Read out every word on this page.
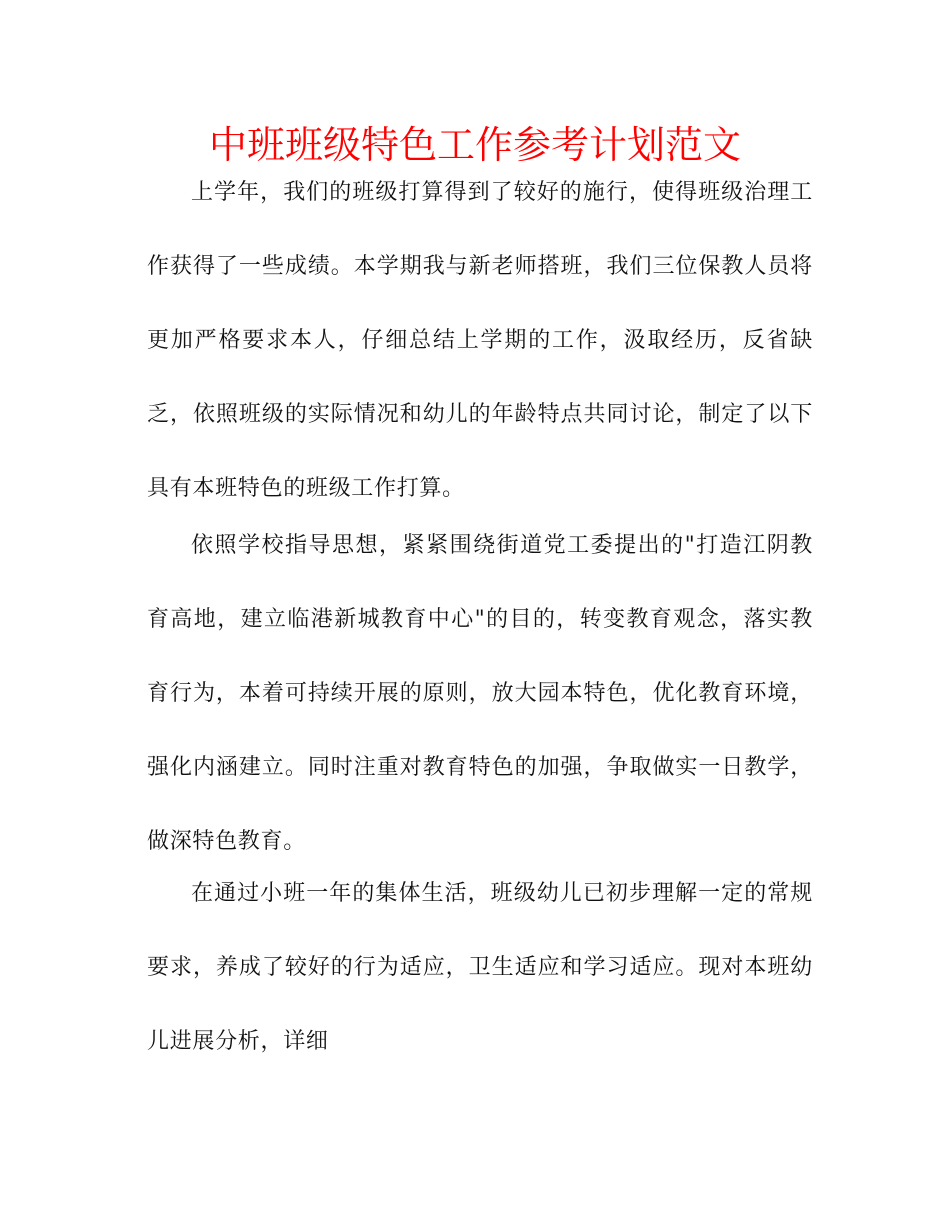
中班班级特色工作参考计划范文
上学年，我们的班级打算得到了较好的施行，使得班级治理工作获得了一些成绩。本学期我与新老师搭班，我们三位保教人员将更加严格要求本人，仔细总结上学期的工作，汲取经历，反省缺乏，依照班级的实际情况和幼儿的年龄特点共同讨论，制定了以下具有本班特色的班级工作打算。
依照学校指导思想，紧紧围绕街道党工委提出的"打造江阴教育高地，建立临港新城教育中心"的目的，转变教育观念，落实教育行为，本着可持续开展的原则，放大园本特色，优化教育环境，强化内涵建立。同时注重对教育特色的加强，争取做实一日教学，做深特色教育。
在通过小班一年的集体生活，班级幼儿已初步理解一定的常规要求，养成了较好的行为适应，卫生适应和学习适应。现对本班幼儿进展分析，详细
